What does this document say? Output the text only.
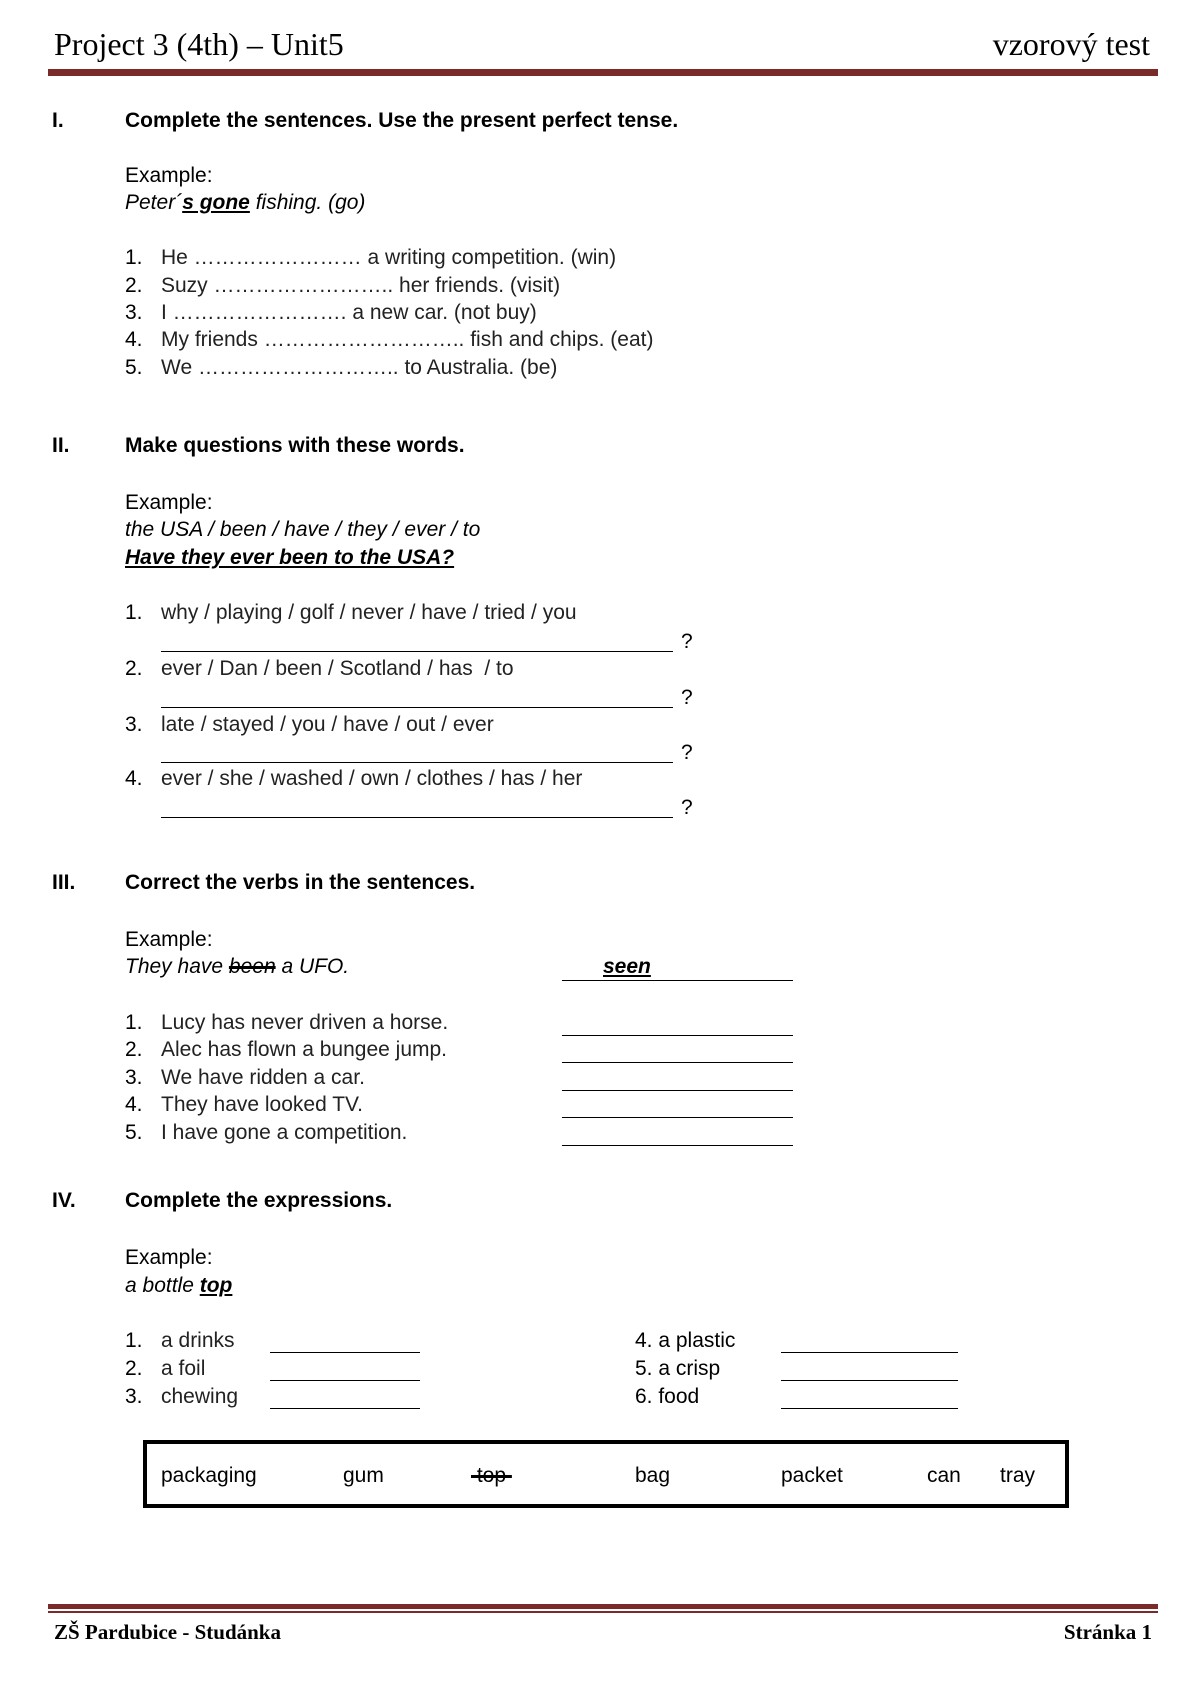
Project 3 (4th) – Unit5	vzorový test
I.	Complete the sentences. Use the present perfect tense.
Example:
Peter´s gone fishing. (go)
1. He …………………… a writing competition. (win)
2. Suzy …………………….. her friends. (visit)
3. I ……………………. a new car. (not buy)
4. My friends ……………………….. fish and chips. (eat)
5. We ……………………….. to Australia. (be)
II.	Make questions with these words.
Example:
the USA / been / have / they / ever / to
Have they ever been to the USA?
1. why / playing / golf / never / have / tried / you
?
2. ever / Dan / been / Scotland / has  / to
?
3. late / stayed / you / have / out / ever
?
4. ever / she / washed / own / clothes / has / her
?
III. Correct the verbs in the sentences.
Example:
They have been a UFO.	seen
1. Lucy has never driven a horse.
2. Alec has flown a bungee jump.
3. We have ridden a car.
4. They have looked TV.
5. I have gone a competition.
IV. Complete the expressions.
Example:
a bottle top
1. a drinks
2. a foil
3. chewing
4. a plastic
5. a crisp
6. food
packaging	gum	top	bag	packet	can tray
ZŠ Pardubice - Studánka	Stránka 1
